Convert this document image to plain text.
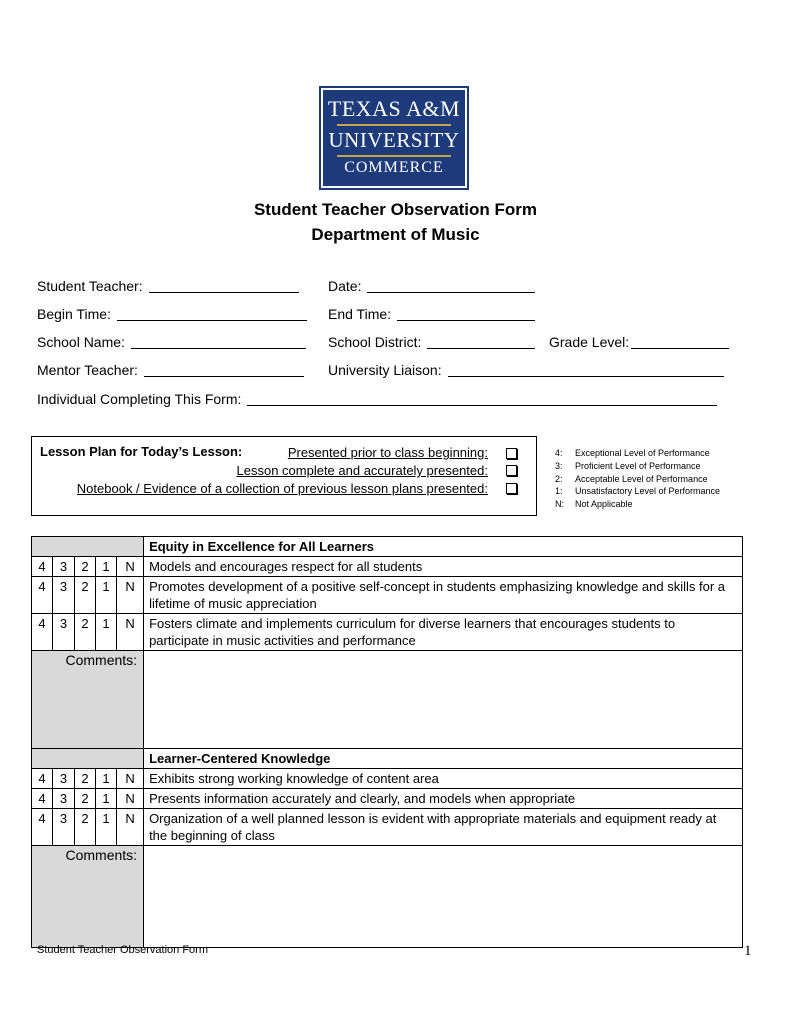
TEXAS A&M
UNIVERSITY
COMMERCE
Student Teacher Observation Form
Department of Music
Student Teacher:	Date:
Begin Time:	End Time:
School Name:	School District:	Grade Level:
Mentor Teacher:	University Liaison:
Individual Completing This Form:
Lesson Plan for Today’s Lesson:	Presented prior to class beginning:
Lesson complete and accurately presented:
Notebook / Evidence of a collection of previous lesson plans presented:
4: Exceptional Level of Performance
3: Proficient Level of Performance
2: Acceptable Level of Performance
1: Unsatisfactory Level of Performance
N: Not Applicable
					Equity in Excellence for All Learners
4	3	2	1	N	Models and encourages respect for all students
4	3	2	1	N	Promotes development of a positive self-concept in students emphasizing knowledge and skills for a lifetime of music appreciation
4	3	2	1	N	Fosters climate and implements curriculum for diverse learners that encourages students to participate in music activities and performance
Comments:					
					Learner-Centered Knowledge
4	3	2	1	N	Exhibits strong working knowledge of content area
4	3	2	1	N	Presents information accurately and clearly, and models when appropriate
4	3	2	1	N	Organization of a well planned lesson is evident with appropriate materials and equipment ready at the beginning of class
Comments:					
Student Teacher Observation Form	1
